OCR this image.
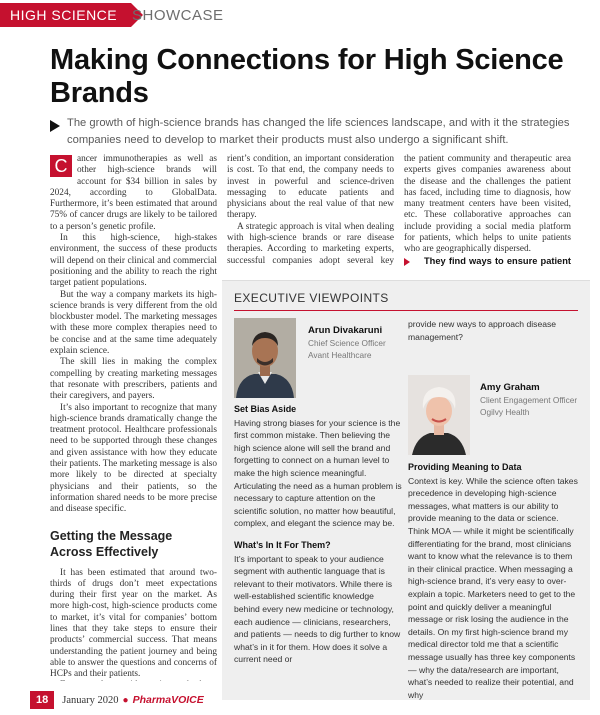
HIGH SCIENCE SHOWCASE
Making Connections for High Science Brands

The growth of high-science brands has changed the life sciences landscape, and with it the strategies companies need to develop to market their products must also undergo a significant shift.

C	ancer immunotherapies as well as other high-science brands will account for $34 billion in sales by 2024, according to GlobalData. Furthermore, it’s been estimated that around 75% of cancer drugs are likely to be tailored to a person’s genetic profile.

In this high-science, high-stakes environment, the success of these products will depend on their clinical and commercial positioning and the ability to reach the right target patient populations.

But the way a company markets its high-science brands is very different from the old blockbuster model. The marketing messages with these more complex therapies need to be concise and at the same time adequately explain science.

The skill lies in making the complex compelling by creating marketing messages that resonate with prescribers, patients and their caregivers, and payers.

It’s also important to recognize that many high-science brands dramatically change the treatment protocol. Healthcare professionals need to be supported through these changes and given assistance with how they educate their patients. The marketing message is also more likely to be directed at specialty physicians and their patients, so the information shared needs to be more precise and disease specific.

Getting the Message Across Effectively

It has been estimated that around two-thirds of drugs don’t meet expectations during their first year on the market. As more high-cost, high-science products come to market, it’s vital for companies’ bottom lines that they take steps to ensure their products’ commercial success. That means understanding the patient journey and being able to answer the questions and concerns of HCPs and their patients.

rient’s condition, an important consideration is cost. To that end, the company needs to invest in powerful and science-driven messaging to educate patients and physicians about the real value of that new therapy.

A strategic approach is vital when dealing with high-science brands or rare disease therapies. According to marketing experts, successful companies adopt several key

the patient community and therapeutic area experts gives companies awareness about the disease and the challenges the patient has faced, including time to diagnosis, how many treatment centers have been visited, etc. These collaborative approaches can include providing a social media platform for patients, which helps to unite patients who are geographically dispersed.

They find ways to ensure patient

EXECUTIVE VIEWPOINTS
Arun Divakaruni
Chief Science Officer
Avant Healthcare
Set Bias Aside

Having strong biases for your science is the first common mistake. Then believing the high science alone will sell the brand and forgetting to connect on a human level to make the high science meaningful. Articulating the need as a human problem is necessary to capture attention on the scientific solution, no matter how beautiful, complex, and elegant the science may be.

What’s In It For Them?

It’s important to speak to your audience segment with authentic language that is relevant to their motivators. While there is well-established scientific knowledge behind every new medicine or technology, each audience — clinicians, researchers, and patients — needs to dig further to know what’s in it for them. How does it solve a current need or

provide new ways to approach disease management?

Amy Graham
Client Engagement Officer
Ogilvy Health
Providing Meaning to Data

Context is key. While the science often takes precedence in developing high-science messages, what matters is our ability to provide meaning to the data or science. Think MOA — while it might be scientifically differentiating for the brand, most clinicians want to know what the relevance is to them in their clinical practice. When messaging a high-science brand, it’s very easy to over-explain a topic. Marketers need to get to the point and quickly deliver a meaningful message or risk losing the audience in the details. On my first high-science brand my medical director told me that a scientific message usually has three key components — why the data/research are important, what’s needed to realize their potential, and why

18	January 2020 ● PharmaVOICE
